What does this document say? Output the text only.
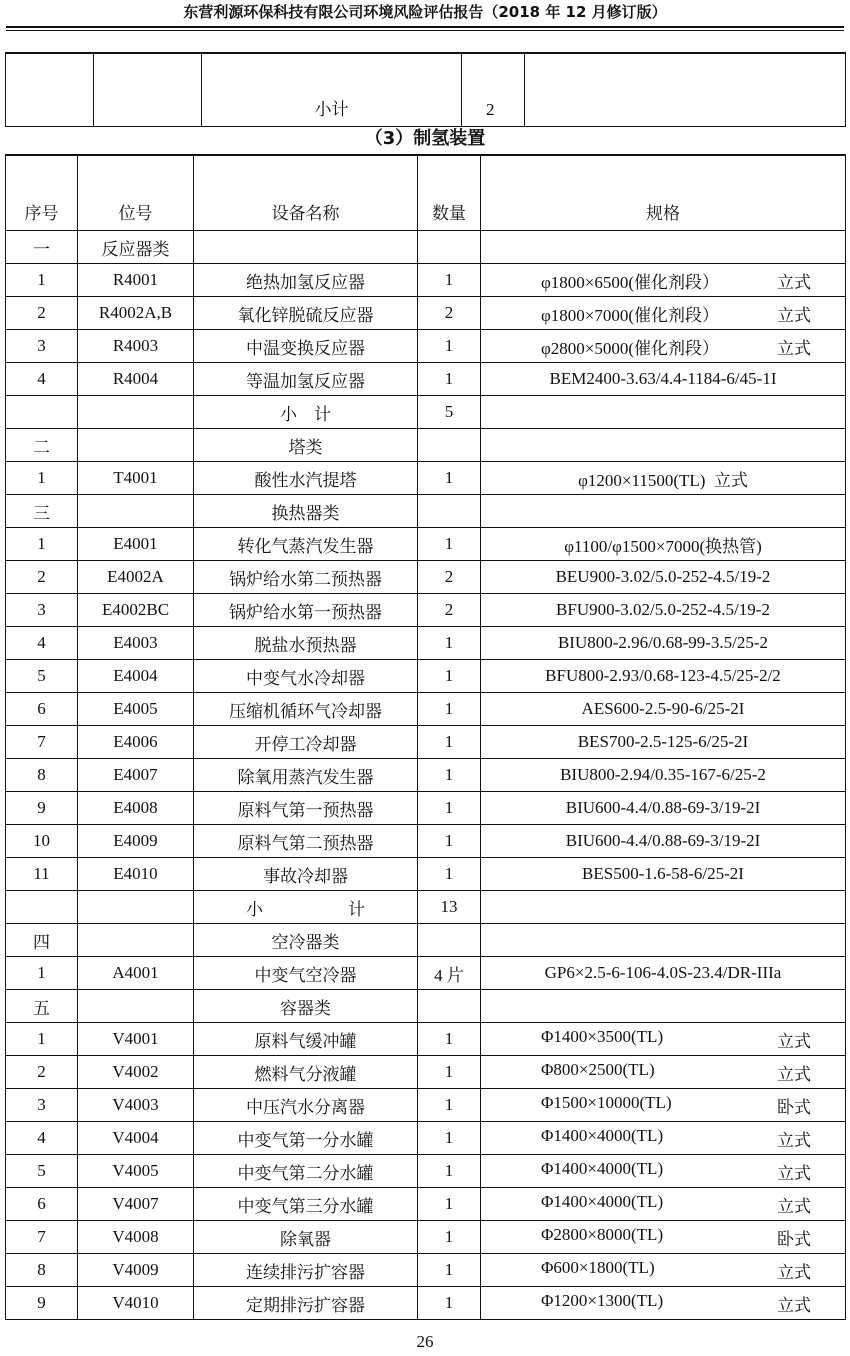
东营利源环保科技有限公司环境风险评估报告（2018 年 12 月修订版）
		小计	2	
（3）制氢装置
序号	位号	设备名称	数量	规格
一	反应器类			
1	R4001	绝热加氢反应器	1	φ1800×6500(催化剂段） 立式

2	R4002A,B	氧化锌脱硫反应器	2	φ1800×7000(催化剂段） 立式

3	R4003	中温变换反应器	1	φ2800×5000(催化剂段） 立式

4	R4004	等温加氢反应器	1	BEM2400-3.63/4.4-1184-6/45-1I
		小　计	5	
二		塔类		
1	T4001	酸性水汽提塔	1	φ1200×11500(TL)  立式
三		换热器类		
1	E4001	转化气蒸汽发生器	1	φ1100/φ1500×7000(换热管)
2	E4002A	锅炉给水第二预热器	2	BEU900-3.02/5.0-252-4.5/19-2
3	E4002BC	锅炉给水第一预热器	2	BFU900-3.02/5.0-252-4.5/19-2
4	E4003	脱盐水预热器	1	BIU800-2.96/0.68-99-3.5/25-2
5	E4004	中变气水冷却器	1	BFU800-2.93/0.68-123-4.5/25-2/2
6	E4005	压缩机循环气冷却器	1	AES600-2.5-90-6/25-2I
7	E4006	开停工冷却器	1	BES700-2.5-125-6/25-2I
8	E4007	除氧用蒸汽发生器	1	BIU800-2.94/0.35-167-6/25-2
9	E4008	原料气第一预热器	1	BIU600-4.4/0.88-69-3/19-2I
10	E4009	原料气第二预热器	1	BIU600-4.4/0.88-69-3/19-2I
11	E4010	事故冷却器	1	BES500-1.6-58-6/25-2I
		小　　　　　计	13	
四		空冷器类		
1	A4001	中变气空冷器	4 片	GP6×2.5-6-106-4.0S-23.4/DR-IIIa
五		容器类		
1	V4001	原料气缓冲罐	1	Φ1400×3500(TL) 立式

2	V4002	燃料气分液罐	1	Φ800×2500(TL) 立式

3	V4003	中压汽水分离器	1	Φ1500×10000(TL) 卧式

4	V4004	中变气第一分水罐	1	Φ1400×4000(TL) 立式

5	V4005	中变气第二分水罐	1	Φ1400×4000(TL) 立式

6	V4007	中变气第三分水罐	1	Φ1400×4000(TL) 立式

7	V4008	除氧器	1	Φ2800×8000(TL) 卧式

8	V4009	连续排污扩容器	1	Φ600×1800(TL) 立式

9	V4010	定期排污扩容器	1	Φ1200×1300(TL) 立式
26
